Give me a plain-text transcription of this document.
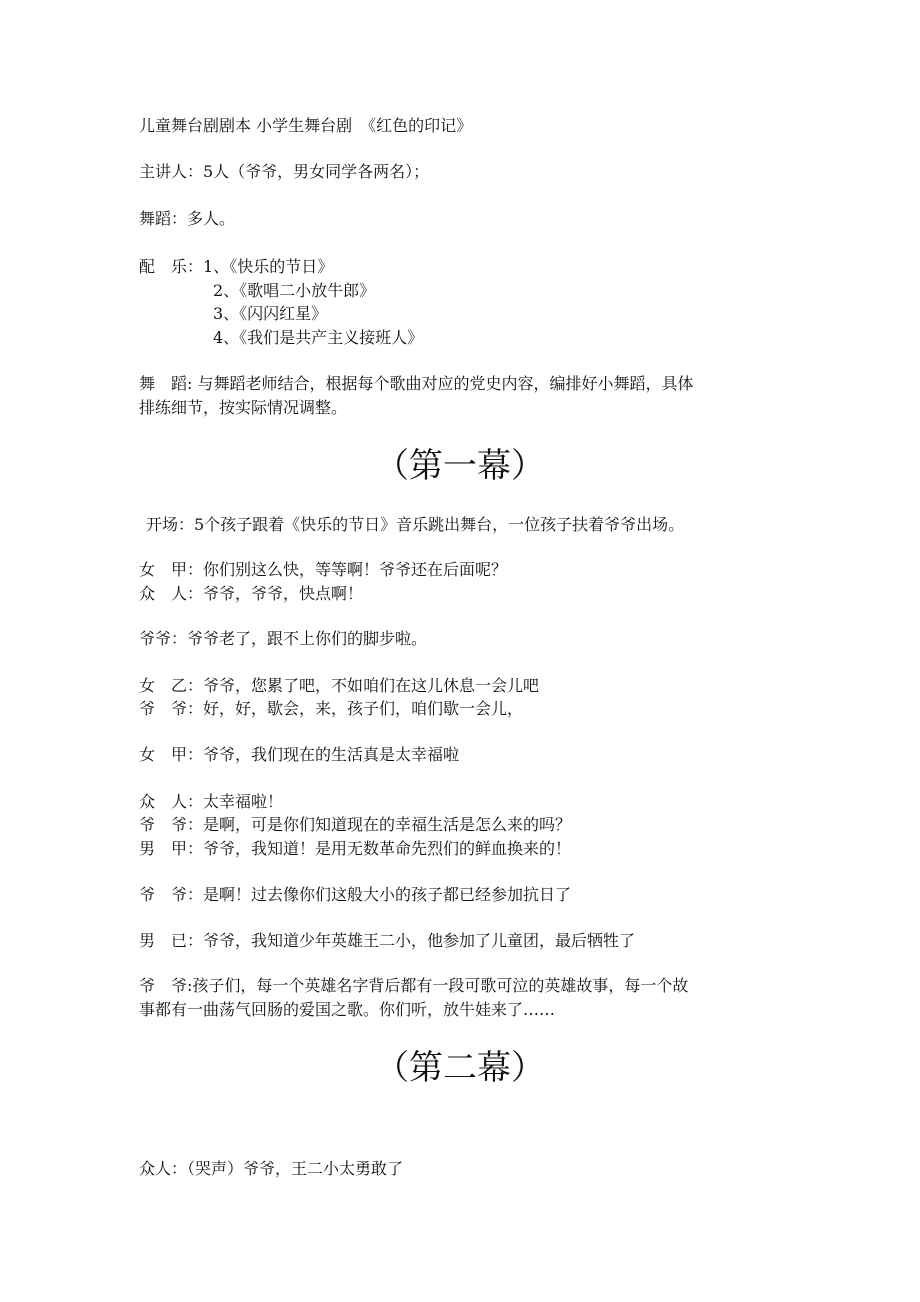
儿童舞台剧剧本 小学生舞台剧　《红色的印记》
主讲人：5人（爷爷，男女同学各两名）；
舞蹈：多人。
配　乐：1、《快乐的节日》
2、《歌唱二小放牛郎》
3、《闪闪红星》
4、《我们是共产主义接班人》
舞　蹈: 与舞蹈老师结合，根据每个歌曲对应的党史内容，编排好小舞蹈，具体
排练细节，按实际情况调整。
（第一幕）
开场：5个孩子跟着《快乐的节日》音乐跳出舞台，一位孩子扶着爷爷出场。
女　甲：你们别这么快，等等啊！爷爷还在后面呢？
众　人：爷爷，爷爷，快点啊！
爷爷：爷爷老了，跟不上你们的脚步啦。
女　乙：爷爷，您累了吧，不如咱们在这儿休息一会儿吧
爷　爷：好，好，歇会，来，孩子们，咱们歇一会儿，
女　甲：爷爷，我们现在的生活真是太幸福啦
众　人：太幸福啦！
爷　爷：是啊，可是你们知道现在的幸福生活是怎么来的吗？
男　甲：爷爷，我知道！是用无数革命先烈们的鲜血换来的！
爷　爷：是啊！过去像你们这般大小的孩子都已经参加抗日了
男　已：爷爷，我知道少年英雄王二小，他参加了儿童团，最后牺牲了
爷　爷:孩子们，每一个英雄名字背后都有一段可歌可泣的英雄故事，每一个故
事都有一曲荡气回肠的爱国之歌。你们听，放牛娃来了……
（第二幕）
众人：（哭声）爷爷，王二小太勇敢了
